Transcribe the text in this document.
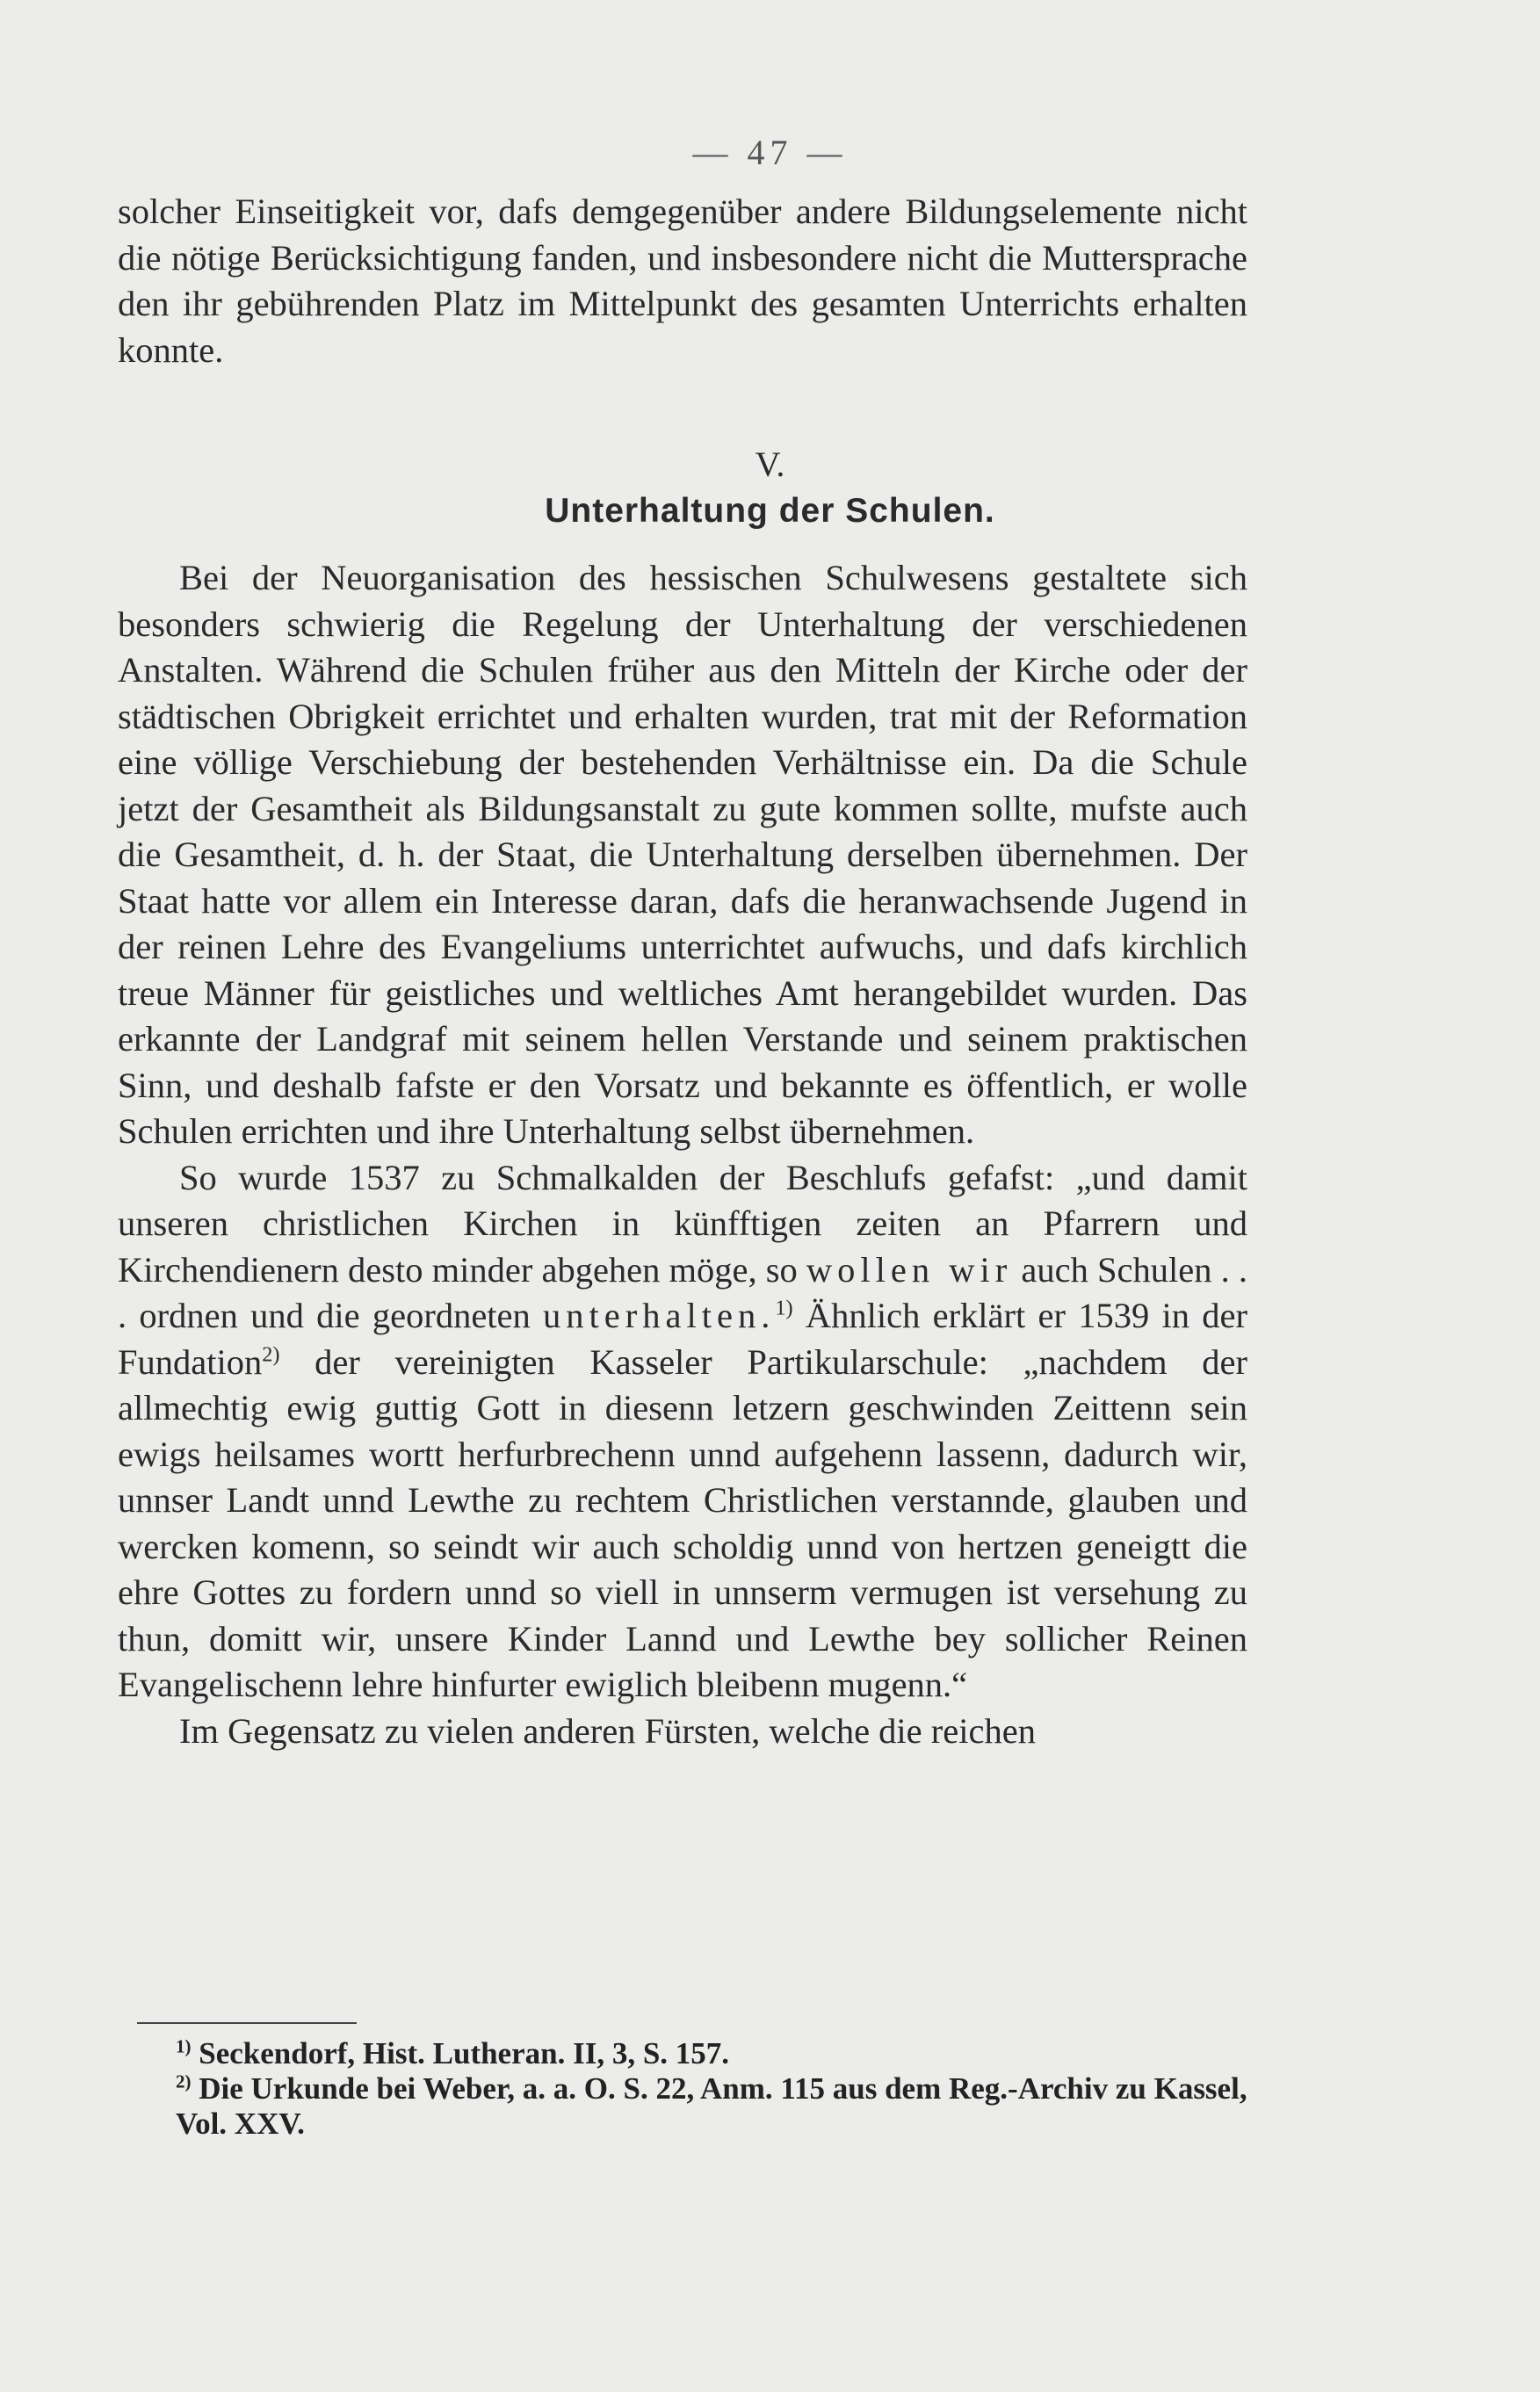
— 47 —

solcher Einseitigkeit vor, dafs demgegenüber andere Bildungselemente nicht die nötige Berücksichtigung fanden, und insbesondere nicht die Muttersprache den ihr gebührenden Platz im Mittelpunkt des gesamten Unterrichts erhalten konnte.

V.
Unterhaltung der Schulen.

Bei der Neuorganisation des hessischen Schulwesens gestaltete sich besonders schwierig die Regelung der Unterhaltung der verschiedenen Anstalten. Während die Schulen früher aus den Mitteln der Kirche oder der städtischen Obrigkeit errichtet und erhalten wurden, trat mit der Reformation eine völlige Verschiebung der bestehenden Verhältnisse ein. Da die Schule jetzt der Gesamtheit als Bildungsanstalt zu gute kommen sollte, mufste auch die Gesamtheit, d. h. der Staat, die Unterhaltung derselben übernehmen. Der Staat hatte vor allem ein Interesse daran, dafs die heranwachsende Jugend in der reinen Lehre des Evangeliums unterrichtet aufwuchs, und dafs kirchlich treue Männer für geistliches und weltliches Amt herangebildet wurden. Das erkannte der Landgraf mit seinem hellen Verstande und seinem praktischen Sinn, und deshalb fafste er den Vorsatz und bekannte es öffentlich, er wolle Schulen errichten und ihre Unterhaltung selbst übernehmen.

So wurde 1537 zu Schmalkalden der Beschlufs gefafst: „und damit unseren christlichen Kirchen in künfftigen zeiten an Pfarrern und Kirchendienern desto minder abgehen möge, so wollen wir auch Schulen . . . ordnen und die geordneten unterhalten.$^{1)}$ Ähnlich erklärt er 1539 in der Fundation$^{2)}$ der vereinigten Kasseler Partikularschule: „nachdem der allmechtig ewig guttig Gott in diesenn letzern geschwinden Zeittenn sein ewigs heilsames wortt herfurbrechenn unnd aufgehenn lassenn, dadurch wir, unnser Landt unnd Lewthe zu rechtem Christlichen verstannde, glauben und wercken komenn, so seindt wir auch scholdig unnd von hertzen geneigtt die ehre Gottes zu fordern unnd so viell in unnserm vermugen ist versehung zu thun, domitt wir, unsere Kinder Lannd und Lewthe bey sollicher Reinen Evangelischenn lehre hinfurter ewiglich bleibenn mugenn.“

Im Gegensatz zu vielen anderen Fürsten, welche die reichen

$^{1)}$ Seckendorf, Hist. Lutheran. II, 3, S. 157.

$^{2)}$ Die Urkunde bei Weber, a. a. O. S. 22, Anm. 115 aus dem Reg.-Archiv zu Kassel, Vol. XXV.
